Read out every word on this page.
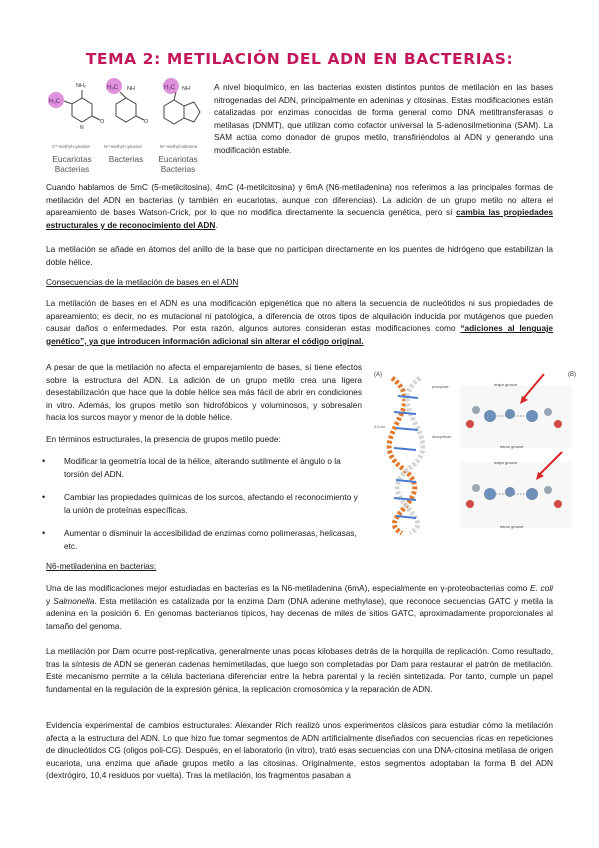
TEMA 2: METILACIÓN DEL ADN EN BACTERIAS:
H₃C
NH₂
O
N
H₃C NH
O
H₃C NH
C⁵-methyl-cytosine	N⁴-methyl-cytosine	N⁶-methyl-adenine
Eucariotas
Bacterias
Bacterias	Eucariotas
Bacterias

A nivel bioquímico, en las bacterias existen distintos puntos de metilación en las bases nitrogenadas del ADN, principalmente en adeninas y citosinas. Estas modificaciones están catalizadas por enzimas conocidas de forma general como DNA metiltransferasas o metilasas (DNMT), que utilizan como cofactor universal la S-adenosilmetionina (SAM). La SAM actúa como donador de grupos metilo, transfiriéndolos al ADN y generando una modificación estable.

Cuando hablamos de 5mC (5-metilcitosina), 4mC (4-metilcitosina) y 6mA (N6-metiladenina) nos referimos a las principales formas de metilación del ADN en bacterias (y también en eucariotas, aunque con diferencias). La adición de un grupo metilo no altera el apareamiento de bases Watson-Crick, por lo que no modifica directamente la secuencia genética, pero sí cambia las propiedades estructurales y de reconocimiento del ADN.

La metilación se añade en átomos del anillo de la base que no participan directamente en los puentes de hidrógeno que estabilizan la doble hélice.

Consecuencias de la metilación de bases en el ADN

La metilación de bases en el ADN es una modificación epigenética que no altera la secuencia de nucleótidos ni sus propiedades de apareamiento; es decir, no es mutacional ni patológica, a diferencia de otros tipos de alquilación inducida por mutágenos que pueden causar daños o enfermedades. Por esta razón, algunos autores consideran estas modificaciones como “adiciones al lenguaje genético”, ya que introducen información adicional sin alterar el código original.

A pesar de que la metilación no afecta el emparejamiento de bases, sí tiene efectos sobre la estructura del ADN. La adición de un grupo metilo crea una ligera desestabilización que hace que la doble hélice sea más fácil de abrir en condiciones in vitro. Además, los grupos metilo son hidrofóbicos y voluminosos, y sobresalen hacia los surcos mayor y menor de la doble hélice.

En términos estructurales, la presencia de grupos metilo puede:

• Modificar la geometría local de la hélice, alterando sutilmente el ángulo o la torsión del ADN.
• Cambiar las propiedades químicas de los surcos, afectando el reconocimiento y la unión de proteínas específicas.
• Aumentar o disminuir la accesibilidad de enzimas como polimerasas, helicasas, etc.
(A)	(B)
phosphate
deoxyribose
3.4 nm
major groove
minor groove
major groove
minor groove
N6-metiladenina en bacterias:

Una de las modificaciones mejor estudiadas en bacterias es la N6-metiladenina (6mA), especialmente en γ-proteobacterias como E. coli y Salmonella. Esta metilación es catalizada por la enzima Dam (DNA adenine methylase), que reconoce secuencias GATC y metila la adenina en la posición 6. En genomas bacterianos típicos, hay decenas de miles de sitios GATC, aproximadamente proporcionales al tamaño del genoma.

La metilación por Dam ocurre post-replicativa, generalmente unas pocas kilobases detrás de la horquilla de replicación. Como resultado, tras la síntesis de ADN se generan cadenas hemimetiladas, que luego son completadas por Dam para restaurar el patrón de metilación. Este mecanismo permite a la célula bacteriana diferenciar entre la hebra parental y la recién sintetizada. Por tanto, cumple un papel fundamental en la regulación de la expresión génica, la replicación cromosómica y la reparación de ADN.

Evidencia experimental de cambios estructurales: Alexander Rich realizó unos experimentos clásicos para estudiar cómo la metilación afecta a la estructura del ADN. Lo que hizo fue tomar segmentos de ADN artificialmente diseñados con secuencias ricas en repeticiones de dinucleótidos CG (oligos poli-CG). Después, en el laboratorio (in vitro), trató esas secuencias con una DNA-citosina metilasa de origen eucariota, una enzima que añade grupos metilo a las citosinas. Originalmente, estos segmentos adoptaban la forma B del ADN (dextrógiro, 10,4 residuos por vuelta). Tras la metilación, los fragmentos pasaban a
